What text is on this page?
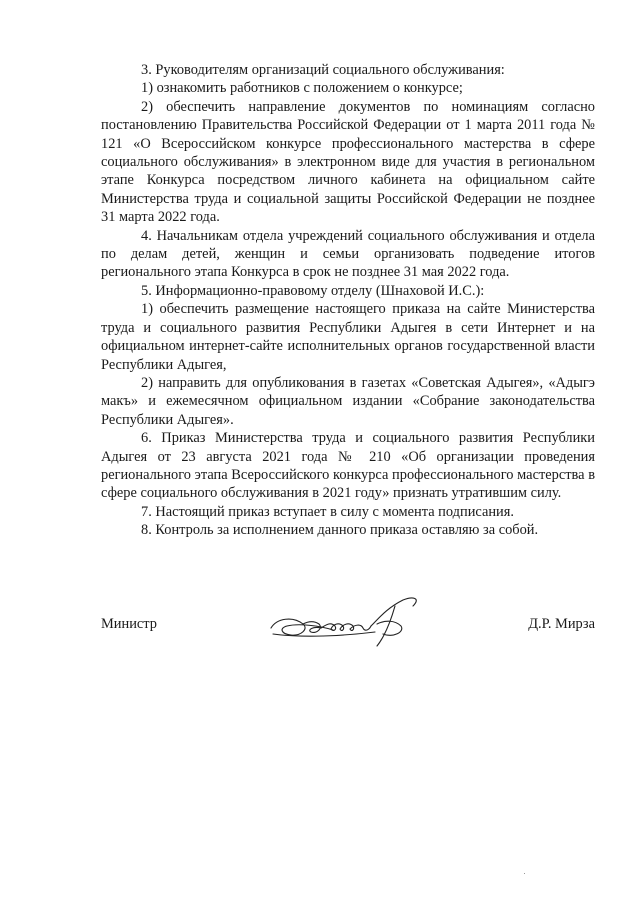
3. Руководителям организаций социального обслуживания:

1) ознакомить работников с положением о конкурсе;

2) обеспечить направление документов по номинациям согласно постановлению Правительства Российской Федерации от 1 марта 2011 года № 121 «О Всероссийском конкурсе профессионального мастерства в сфере социального обслуживания» в электронном виде для участия в региональном этапе Конкурса посредством личного кабинета на официальном сайте Министерства труда и социальной защиты Российской Федерации не позднее 31 марта 2022 года.

4. Начальникам отдела учреждений социального обслуживания и отдела по делам детей, женщин и семьи организовать подведение итогов регионального этапа Конкурса в срок не позднее 31 мая 2022 года.

5. Информационно-правовому отделу (Шнаховой И.С.):

1) обеспечить размещение настоящего приказа на сайте Министерства труда и социального развития Республики Адыгея в сети Интернет и на официальном интернет-сайте исполнительных органов государственной власти Республики Адыгея,

2) направить для опубликования в газетах «Советская Адыгея», «Адыгэ макъ» и ежемесячном официальном издании «Собрание законодательства Республики Адыгея».

6. Приказ Министерства труда и социального развития Республики Адыгея от 23 августа 2021 года № 210 «Об организации проведения регионального этапа Всероссийского конкурса профессионального мастерства в сфере социального обслуживания в 2021 году» признать утратившим силу.

7. Настоящий приказ вступает в силу с момента подписания.

8. Контроль за исполнением данного приказа оставляю за собой.

Министр	Д.Р. Мирза
